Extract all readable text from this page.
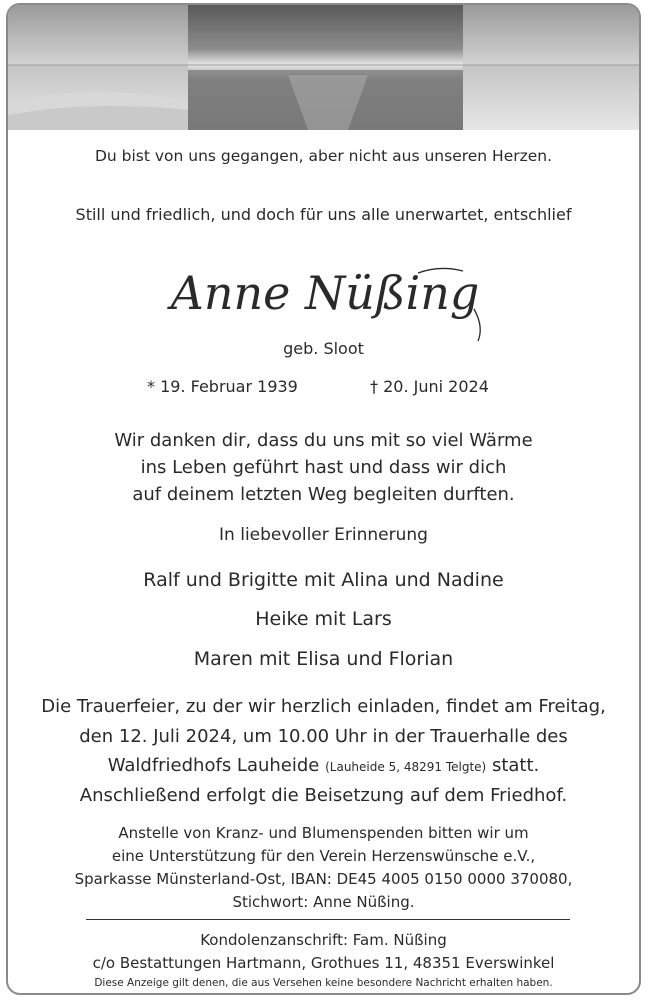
Du bist von uns gegangen, aber nicht aus unseren Herzen.
Still und friedlich, und doch für uns alle unerwartet, entschlief
Anne Nüßing
geb. Sloot
* 19. Februar 1939	† 20. Juni 2024
Wir danken dir, dass du uns mit so viel Wärme
ins Leben geführt hast und dass wir dich
auf deinem letzten Weg begleiten durften.
In liebevoller Erinnerung
Ralf und Brigitte mit Alina und Nadine
Heike mit Lars
Maren mit Elisa und Florian
Die Trauerfeier, zu der wir herzlich einladen, findet am Freitag,
den 12. Juli 2024, um 10.00 Uhr in der Trauerhalle des
Waldfriedhofs Lauheide (Lauheide 5, 48291 Telgte) statt.
Anschließend erfolgt die Beisetzung auf dem Friedhof.
Anstelle von Kranz- und Blumenspenden bitten wir um
eine Unterstützung für den Verein Herzenswünsche e.V.,
Sparkasse Münsterland-Ost, IBAN: DE45 4005 0150 0000 370080,
Stichwort: Anne Nüßing.
Kondolenzanschrift: Fam. Nüßing
c/o Bestattungen Hartmann, Grothues 11, 48351 Everswinkel
Diese Anzeige gilt denen, die aus Versehen keine besondere Nachricht erhalten haben.
